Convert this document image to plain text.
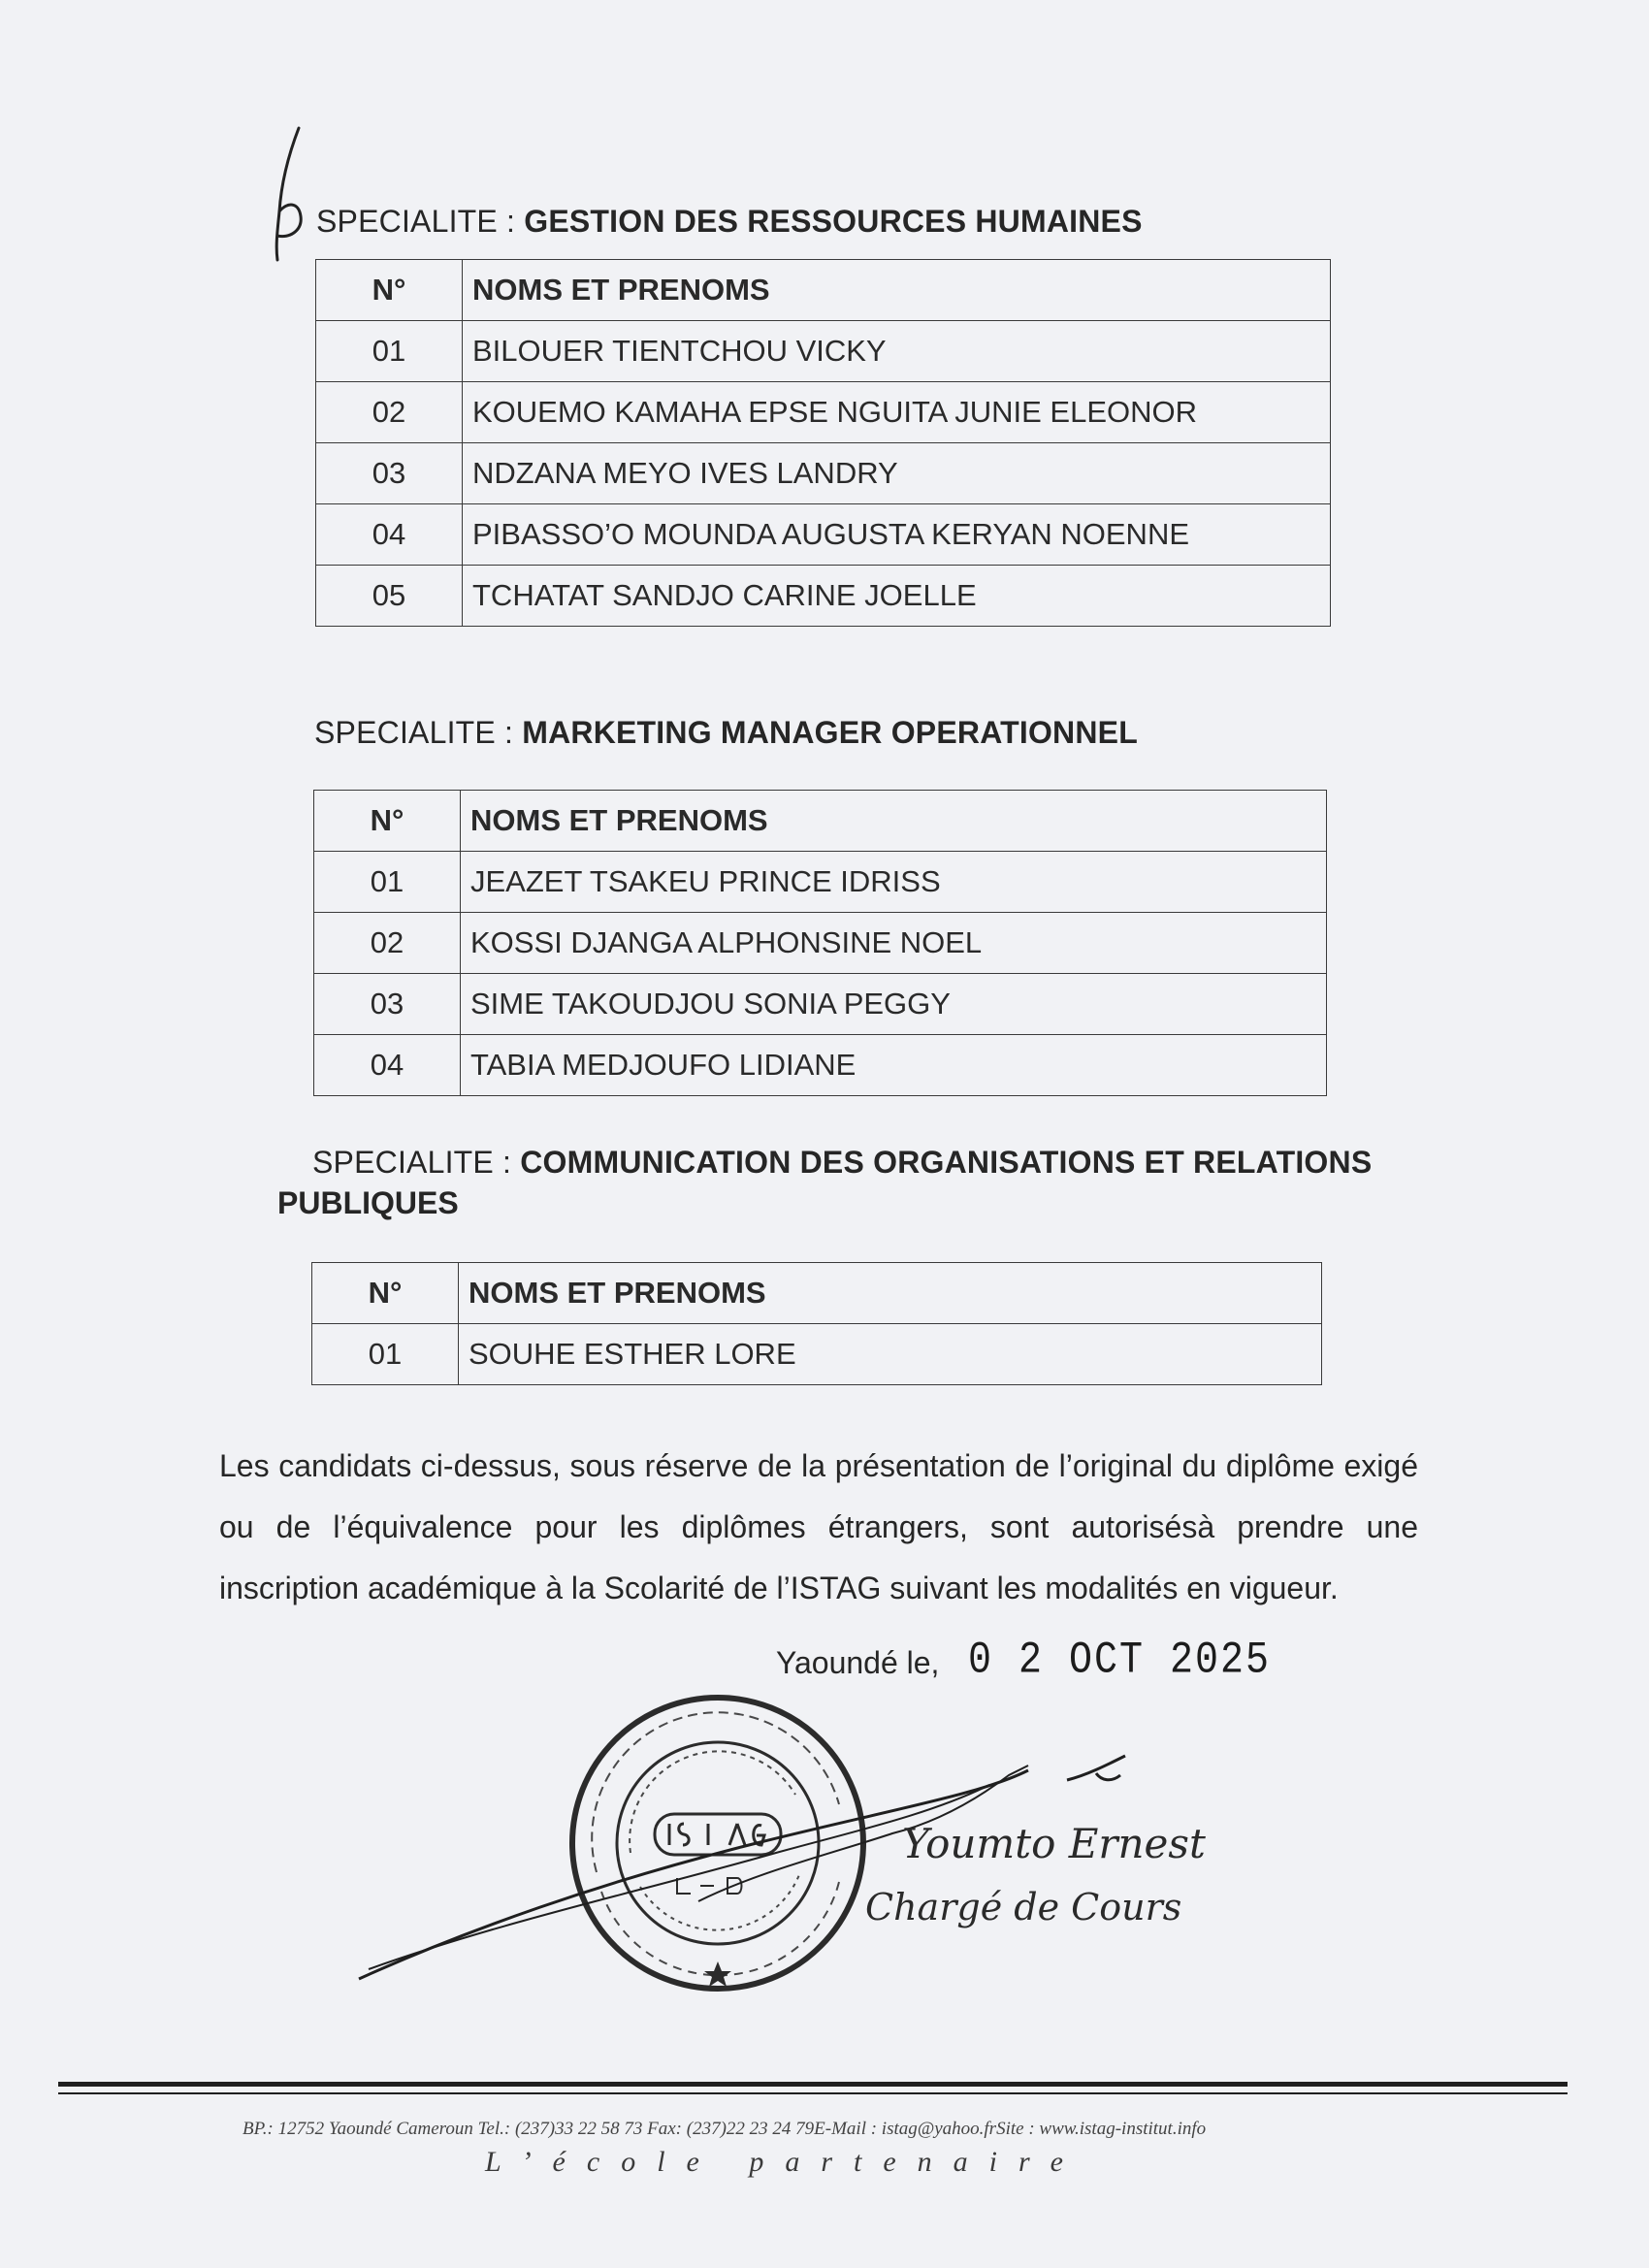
SPECIALITE : GESTION DES RESSOURCES HUMAINES
N°	NOMS ET PRENOMS
01	BILOUER TIENTCHOU VICKY
02	KOUEMO KAMAHA EPSE NGUITA JUNIE ELEONOR
03	NDZANA MEYO IVES LANDRY
04	PIBASSO’O MOUNDA AUGUSTA KERYAN NOENNE
05	TCHATAT SANDJO CARINE JOELLE
SPECIALITE : MARKETING MANAGER OPERATIONNEL
N°	NOMS ET PRENOMS
01	JEAZET TSAKEU PRINCE IDRISS
02	KOSSI DJANGA ALPHONSINE NOEL
03	SIME TAKOUDJOU SONIA PEGGY
04	TABIA MEDJOUFO LIDIANE
SPECIALITE : COMMUNICATION DES ORGANISATIONS ET RELATIONS
PUBLIQUES
N°	NOMS ET PRENOMS
01	SOUHE ESTHER LORE
Les candidats ci-dessus, sous réserve de la présentation de l’original du diplôme exigé ou de l’équivalence pour les diplômes étrangers, sont autorisésà prendre une inscription académique à la Scolarité de l’ISTAG suivant les modalités en vigueur.
Yaoundé le, 0 2 OCT 2025
Youmto Ernest
Chargé de Cours
BP.: 12752 Yaoundé Cameroun Tel.: (237)33 22 58 73 Fax: (237)22 23 24 79E-Mail : istag@yahoo.frSite : www.istag-institut.info
L’école partenaire
